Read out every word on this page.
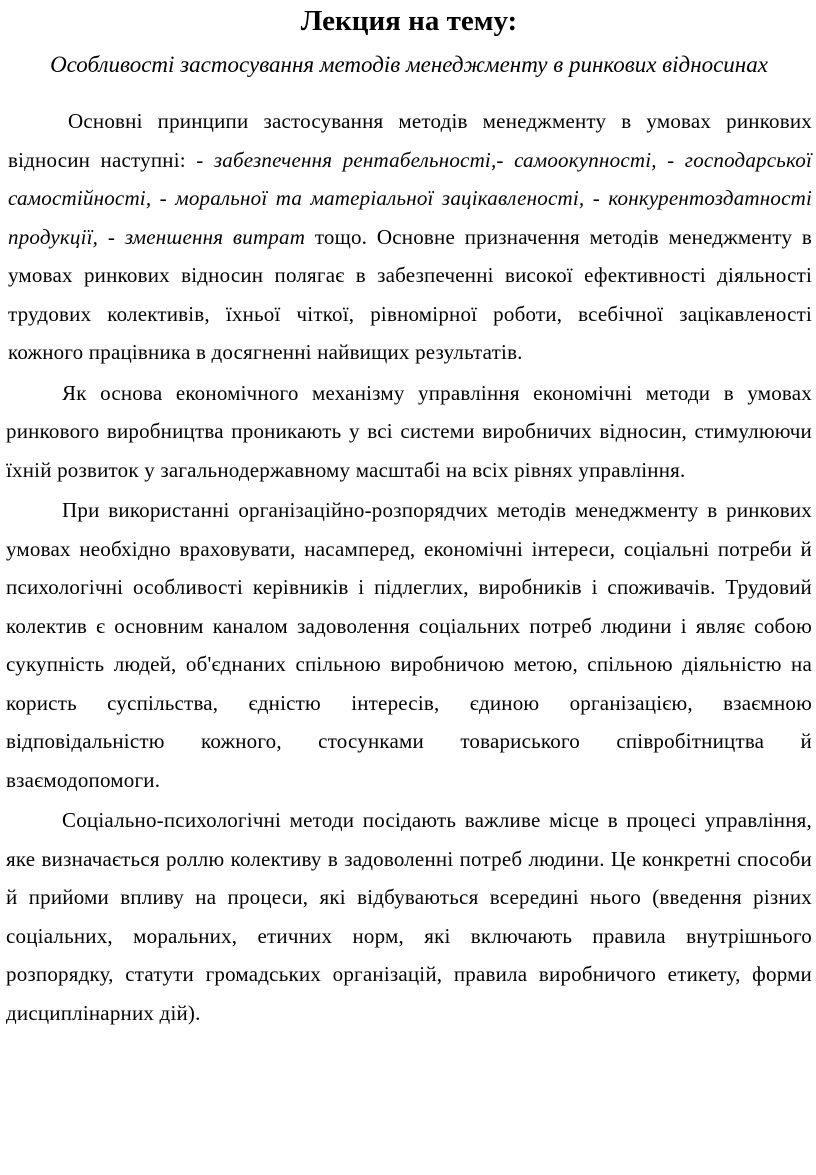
Лекция на тему:

Особливості застосування методів менеджменту в ринкових відносинах

Основні принципи застосування методів менеджменту в умовах ринкових відносин наступні: - забезпечення рентабельності,- самоокупності, - господарської самостійності, - моральної та матеріальної зацікавленості, - конкурентоздатності продукції, - зменшення витрат тощо. Основне призначення методів менеджменту в умовах ринкових відносин полягає в забезпеченні високої ефективності діяльності трудових колективів, їхньої чіткої, рівномірної роботи, всебічної зацікавленості кожного працівника в досягненні найвищих результатів.

Як основа економічного механізму управління економічні методи в умовах ринкового виробництва проникають у всі системи виробничих відносин, стимулюючи їхній розвиток у загальнодержавному масштабі на всіх рівнях управління.

При використанні організаційно-розпорядчих методів менеджменту в ринкових умовах необхідно враховувати, насамперед, економічні інтереси, соціальні потреби й психологічні особливості керівників і підлеглих, виробників і споживачів. Трудовий колектив є основним каналом задоволення соціальних потреб людини і являє собою сукупність людей, об'єднаних спільною виробничою метою, спільною діяльністю на користь суспільства, єдністю інтересів, єдиною організацією, взаємною відповідальністю кожного, стосунками товариського співробітництва й взаємодопомоги.

Соціально-психологічні методи посідають важливе місце в процесі управління, яке визначається роллю колективу в задоволенні потреб людини. Це конкретні способи й прийоми впливу на процеси, які відбуваються всередині нього (введення різних соціальних, моральних, етичних норм, які включають правила внутрішнього розпорядку, статути громадських організацій, правила виробничого етикету, форми дисциплінарних дій).
